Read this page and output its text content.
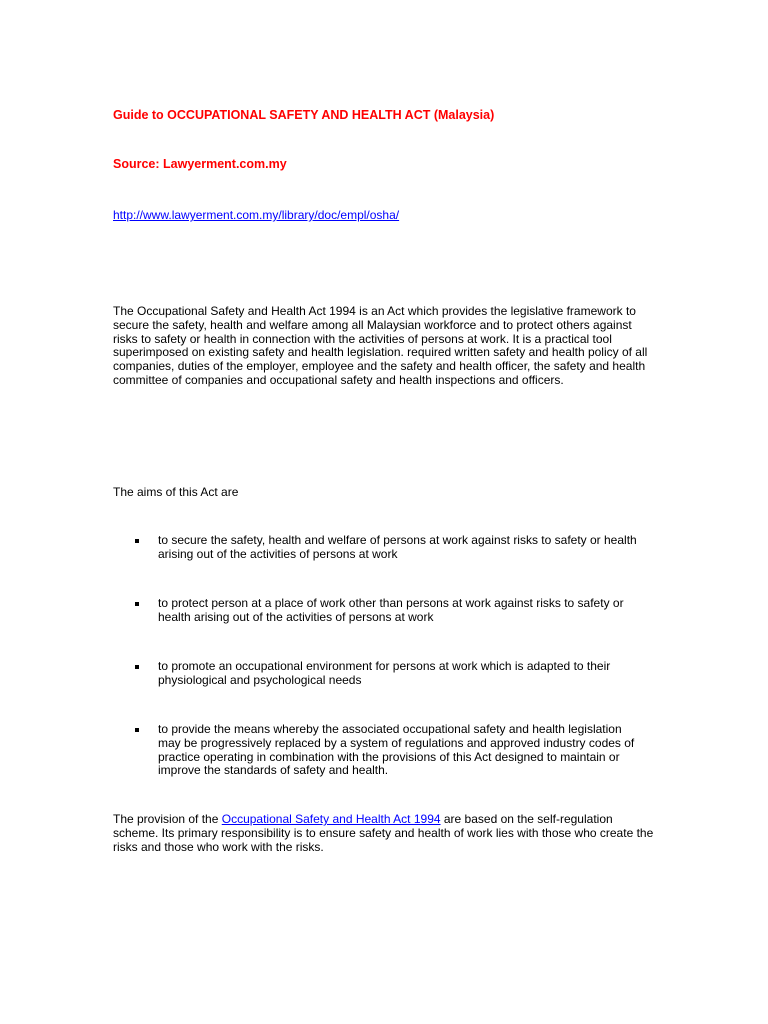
Guide to OCCUPATIONAL SAFETY AND HEALTH ACT (Malaysia)
Source: Lawyerment.com.my
http://www.lawyerment.com.my/library/doc/empl/osha/

The Occupational Safety and Health Act 1994 is an Act which provides the legislative framework to secure the safety, health and welfare among all Malaysian workforce and to protect others against risks to safety or health in connection with the activities of persons at work. It is a practical tool superimposed on existing safety and health legislation. required written safety and health policy of all companies, duties of the employer, employee and the safety and health officer, the safety and health committee of companies and occupational safety and health inspections and officers.

The aims of this Act are

to secure the safety, health and welfare of persons at work against risks to safety or health arising out of the activities of persons at work
to protect person at a place of work other than persons at work against risks to safety or health arising out of the activities of persons at work
to promote an occupational environment for persons at work which is adapted to their physiological and psychological needs
to provide the means whereby the associated occupational safety and health legislation may be progressively replaced by a system of regulations and approved industry codes of practice operating in combination with the provisions of this Act designed to maintain or improve the standards of safety and health.

The provision of the Occupational Safety and Health Act 1994 are based on the self-regulation scheme. Its primary responsibility is to ensure safety and health of work lies with those who create the risks and those who work with the risks.
